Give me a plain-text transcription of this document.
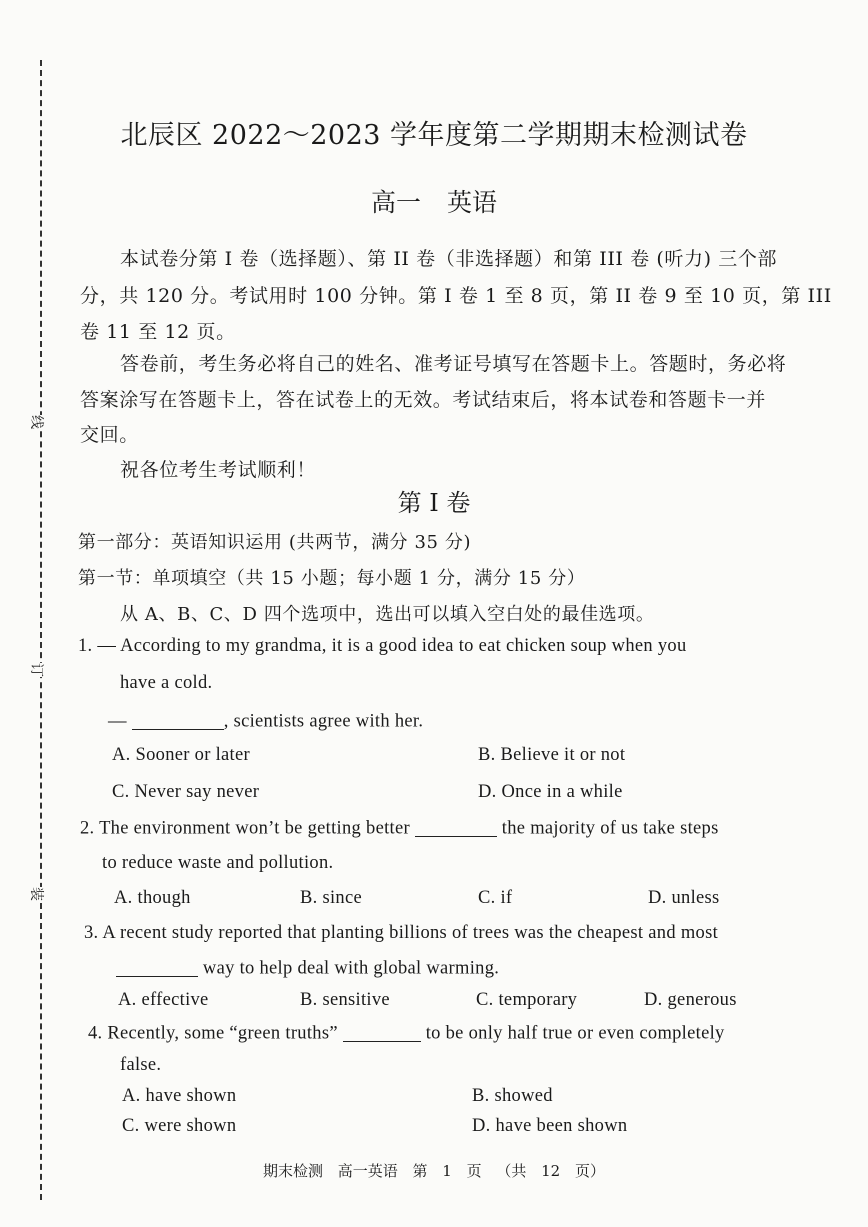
线
订
装
北辰区 2022～2023 学年度第二学期期末检测试卷
高一 英语
本试卷分第 I 卷（选择题）、第 II 卷（非选择题）和第 III 卷 (听力) 三个部
分，共 120 分。考试用时 100 分钟。第 I 卷 1 至 8 页，第 II 卷 9 至 10 页，第 III
卷 11 至 12 页。
答卷前，考生务必将自己的姓名、准考证号填写在答题卡上。答题时，务必将
答案涂写在答题卡上，答在试卷上的无效。考试结束后，将本试卷和答题卡一并
交回。
祝各位考生考试顺利！
第 I 卷
第一部分：英语知识运用 (共两节，满分 35 分)
第一节：单项填空（共 15 小题；每小题 1 分，满分 15 分）
从 A、B、C、D 四个选项中，选出可以填入空白处的最佳选项。
1. — According to my grandma, it is a good idea to eat chicken soup when you
have a cold.
—	, scientists agree with her.
A. Sooner or later	B. Believe it or not
C. Never say never	D. Once in a while
2. The environment won’t be getting better	the majority of us take steps
to reduce waste and pollution.
A. though	B. since	C. if	D. unless
3. A recent study reported that planting billions of trees was the cheapest and most
way to help deal with global warming.
A. effective	B. sensitive	C. temporary	D. generous
4. Recently, some “green truths”	to be only half true or even completely
false.
A. have shown	B. showed
C. were shown	D. have been shown
期末检测 高一英语 第 1 页 （共 12 页）
